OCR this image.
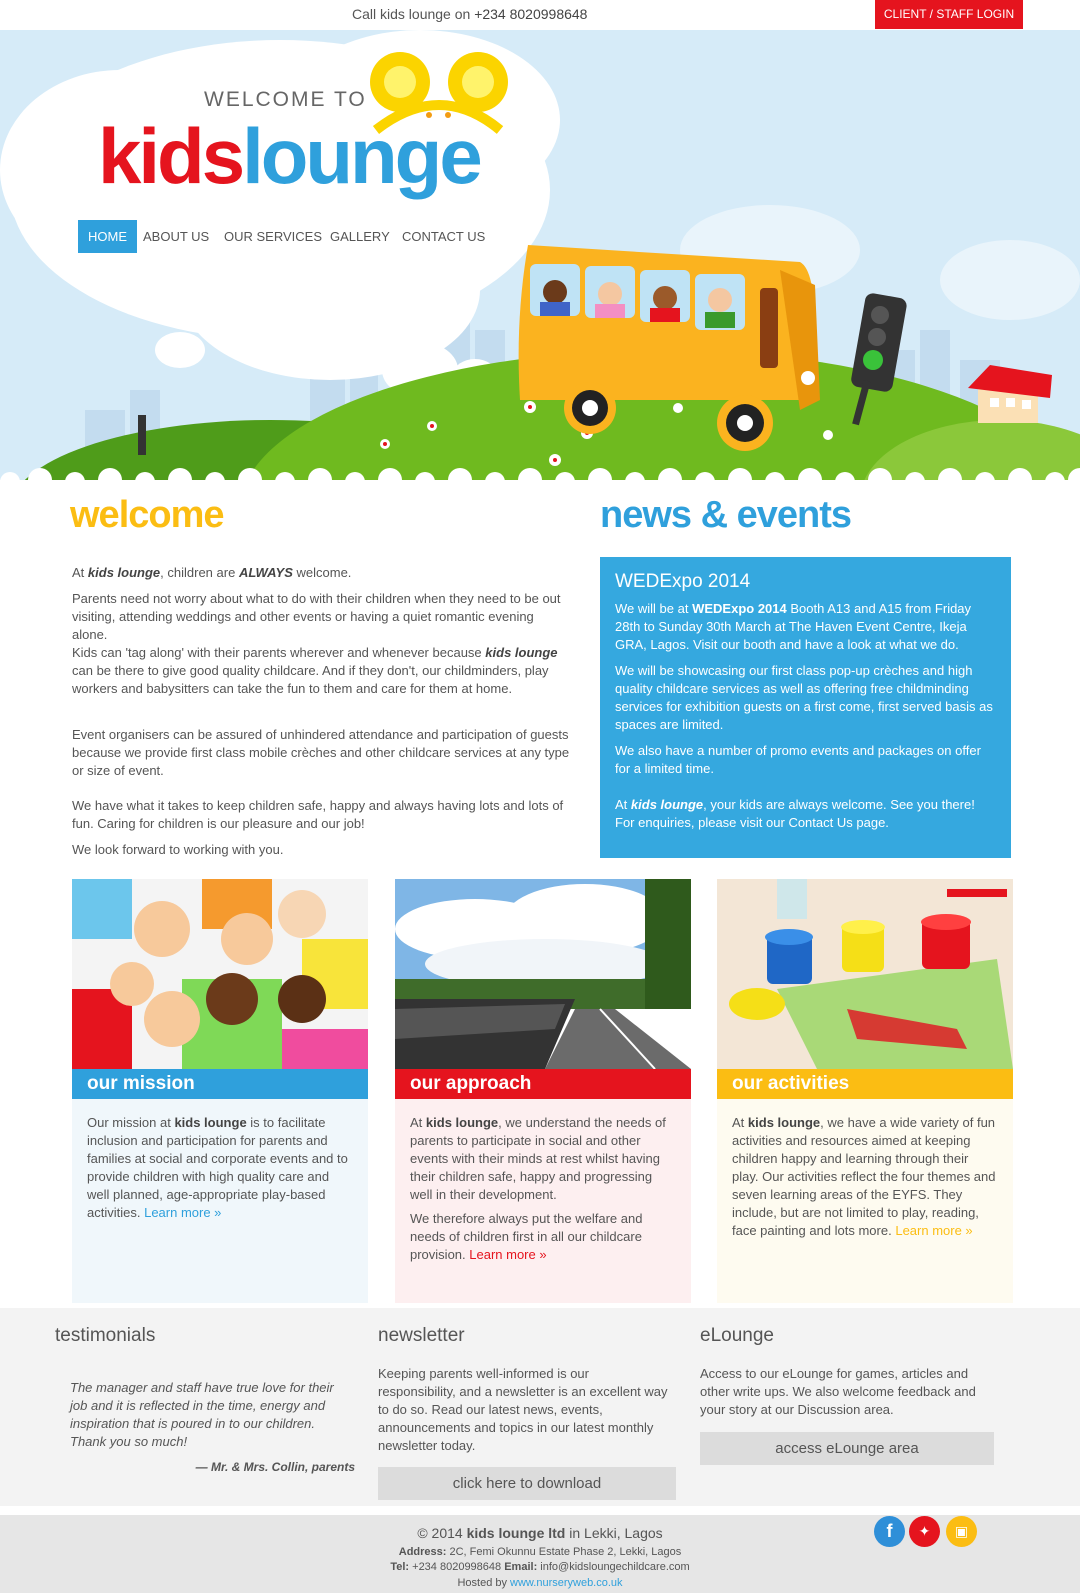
Call kids lounge on +234 8020998648	CLIENT / STAFF LOGIN
WELCOME TO
kidslounge
HOME	ABOUT US	OUR SERVICES GALLERY CONTACT US
welcome
At kids lounge, children are ALWAYS welcome.
Parents need not worry about what to do with their children when they need to be out visiting, attending weddings and other events or having a quiet romantic evening alone.
Kids can 'tag along' with their parents wherever and whenever because kids lounge can be there to give good quality childcare. And if they don't, our childminders, play workers and babysitters can take the fun to them and care for them at home.
Event organisers can be assured of unhindered attendance and participation of guests because we provide first class mobile crèches and other childcare services at any type or size of event.
We have what it takes to keep children safe, happy and always having lots and lots of fun. Caring for children is our pleasure and our job!
We look forward to working with you.
news & events
WEDExpo 2014

We will be at WEDExpo 2014 Booth A13 and A15 from Friday 28th to Sunday 30th March at The Haven Event Centre, Ikeja GRA, Lagos. Visit our booth and have a look at what we do.

We will be showcasing our first class pop-up crèches and high quality childcare services as well as offering free childminding services for exhibition guests on a first come, first served basis as spaces are limited.

We also have a number of promo events and packages on offer for a limited time.

At kids lounge, your kids are always welcome. See you there! For enquiries, please visit our Contact Us page.

our mission

Our mission at kids lounge is to facilitate inclusion and participation for parents and families at social and corporate events and to provide children with high quality care and well planned, age-appropriate play-based activities. Learn more »

our approach

At kids lounge, we understand the needs of parents to participate in social and other events with their minds at rest whilst having their children safe, happy and progressing well in their development.

We therefore always put the welfare and needs of children first in all our childcare provision. Learn more »

our activities

At kids lounge, we have a wide variety of fun activities and resources aimed at keeping children happy and learning through their play. Our activities reflect the four themes and seven learning areas of the EYFS. They include, but are not limited to play, reading, face painting and lots more. Learn more »

testimonials
The manager and staff have true love for their job and it is reflected in the time, energy and inspiration that is poured in to our children. Thank you so much!
— Mr. & Mrs. Collin, parents
newsletter
Keeping parents well-informed is our responsibility, and a newsletter is an excellent way to do so. Read our latest news, events, announcements and topics in our latest monthly newsletter today.
click here to download
eLounge
Access to our eLounge for games, articles and other write ups. We also welcome feedback and your story at our Discussion area.
access eLounge area
© 2014 kids lounge ltd in Lekki, Lagos
Address: 2C, Femi Okunnu Estate Phase 2, Lekki, Lagos
Tel: +234 8020998648 Email: info@kidsloungechildcare.com
Hosted by www.nurseryweb.co.uk
f	✦	▣
